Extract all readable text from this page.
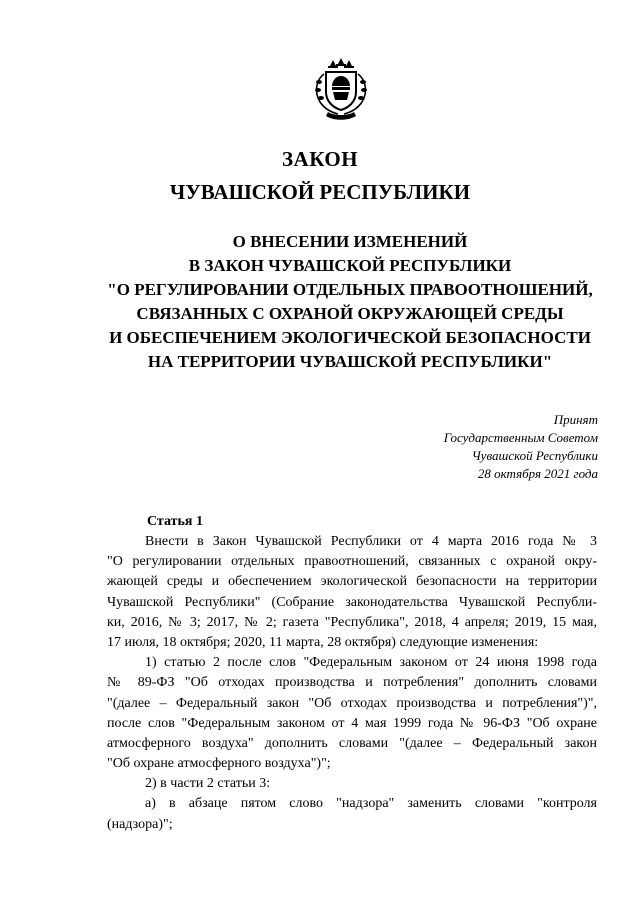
ЗАКОН
ЧУВАШСКОЙ РЕСПУБЛИКИ
О ВНЕСЕНИИ ИЗМЕНЕНИЙ
В ЗАКОН ЧУВАШСКОЙ РЕСПУБЛИКИ
"О РЕГУЛИРОВАНИИ ОТДЕЛЬНЫХ ПРАВООТНОШЕНИЙ,
СВЯЗАННЫХ С ОХРАНОЙ ОКРУЖАЮЩЕЙ СРЕДЫ
И ОБЕСПЕЧЕНИЕМ ЭКОЛОГИЧЕСКОЙ БЕЗОПАСНОСТИ
НА ТЕРРИТОРИИ ЧУВАШСКОЙ РЕСПУБЛИКИ"
Принят
Государственным Советом
Чувашской Республики
28 октября 2021 года
Статья 1
Внести в Закон Чувашской Республики от 4 марта 2016 года № 3
"О регулировании отдельных правоотношений, связанных с охраной окру-
жающей среды и обеспечением экологической безопасности на территории
Чувашской Республики" (Собрание законодательства Чувашской Республи-
ки, 2016, № 3; 2017, № 2; газета "Республика", 2018, 4 апреля; 2019, 15 мая,
17 июля, 18 октября; 2020, 11 марта, 28 октября) следующие изменения:
1) статью 2 после слов "Федеральным законом от 24 июня 1998 года
№ 89-ФЗ "Об отходах производства и потребления" дополнить словами
"(далее – Федеральный закон "Об отходах производства и потребления")",
после слов "Федеральным законом от 4 мая 1999 года № 96-ФЗ "Об охране
атмосферного воздуха" дополнить словами "(далее – Федеральный закон
"Об охране атмосферного воздуха")";
2) в части 2 статьи 3:
а) в абзаце пятом слово "надзора" заменить словами "контроля
(надзора)";
